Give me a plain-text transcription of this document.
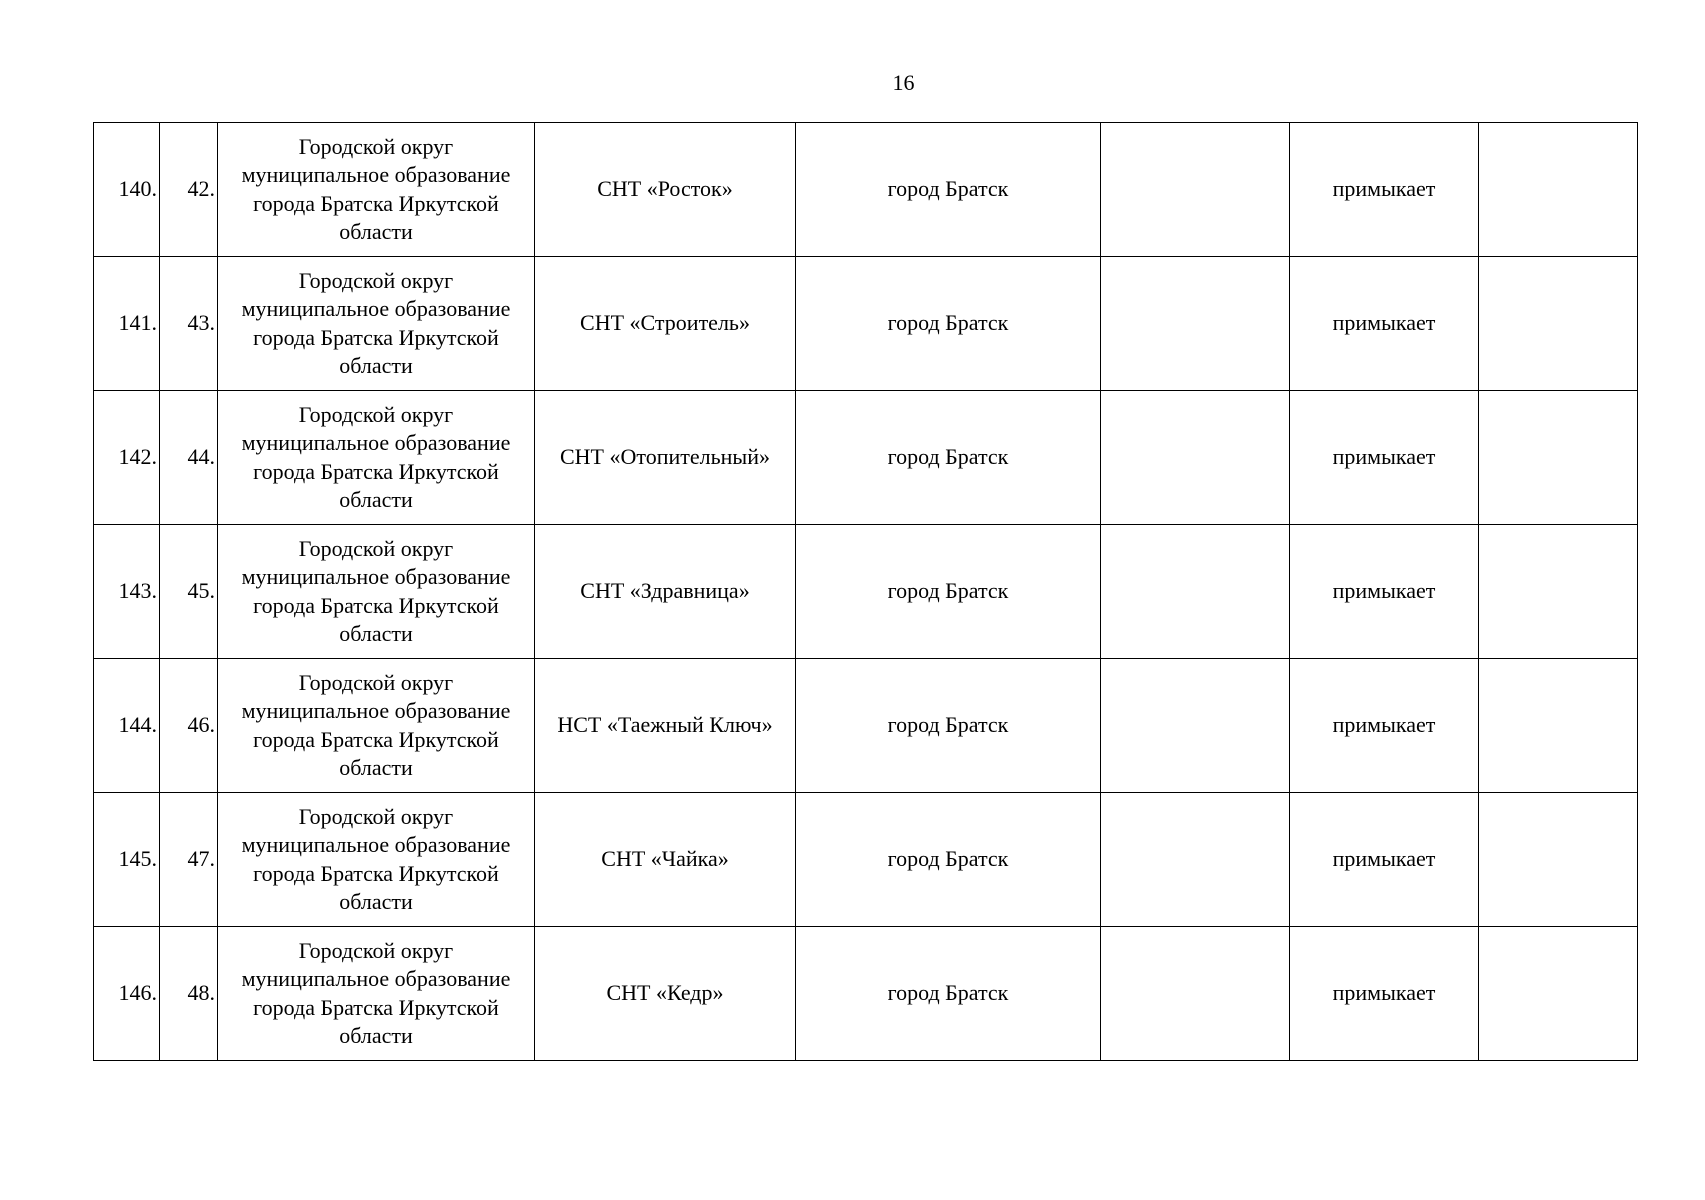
16
140.	42.	Городской округ
муниципальное образование
города Братска Иркутской
области	СНТ «Росток»	город Братск		примыкает	
141.	43.	Городской округ
муниципальное образование
города Братска Иркутской
области	СНТ «Строитель»	город Братск		примыкает	
142.	44.	Городской округ
муниципальное образование
города Братска Иркутской
области	СНТ «Отопительный»	город Братск		примыкает	
143.	45.	Городской округ
муниципальное образование
города Братска Иркутской
области	СНТ «Здравница»	город Братск		примыкает	
144.	46.	Городской округ
муниципальное образование
города Братска Иркутской
области	НСТ «Таежный Ключ»	город Братск		примыкает	
145.	47.	Городской округ
муниципальное образование
города Братска Иркутской
области	СНТ «Чайка»	город Братск		примыкает	
146.	48.	Городской округ
муниципальное образование
города Братска Иркутской
области	СНТ «Кедр»	город Братск		примыкает	
